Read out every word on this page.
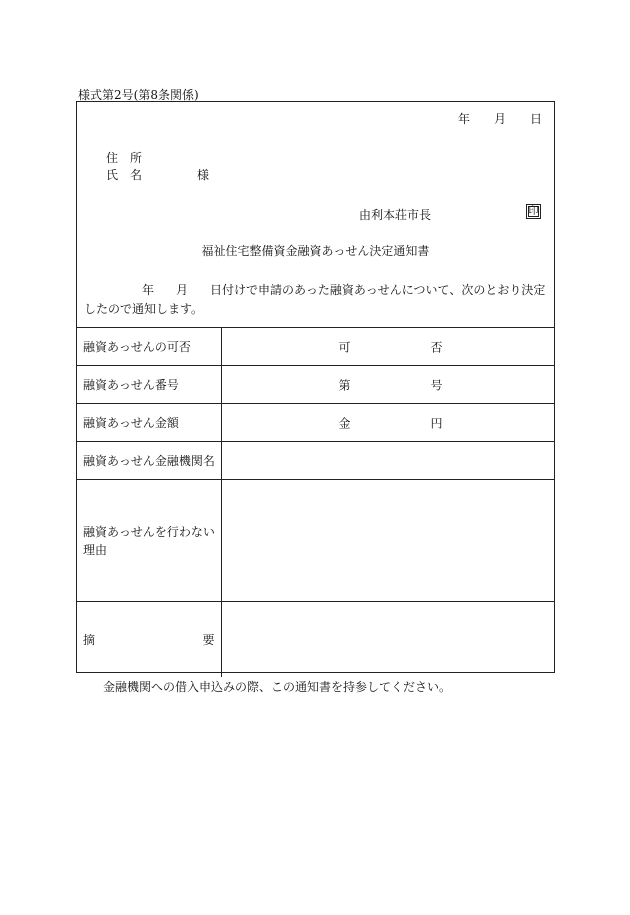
様式第2号(第8条関係)
年 月 日
住　所
氏　名	様
由利本荘市長	印
福祉住宅整備資金融資あっせん決定通知書
年 月 日付けで申請のあった融資あっせんについて、次のとおり決定
したので通知します。
融資あっせんの可否	可 否

融資あっせん番号	第 号

融資あっせん金額	金 円

融資あっせん金融機関名	

融資あっせんを行わない
理由	

摘 要	

金融機関への借入申込みの際、この通知書を持参してください。
